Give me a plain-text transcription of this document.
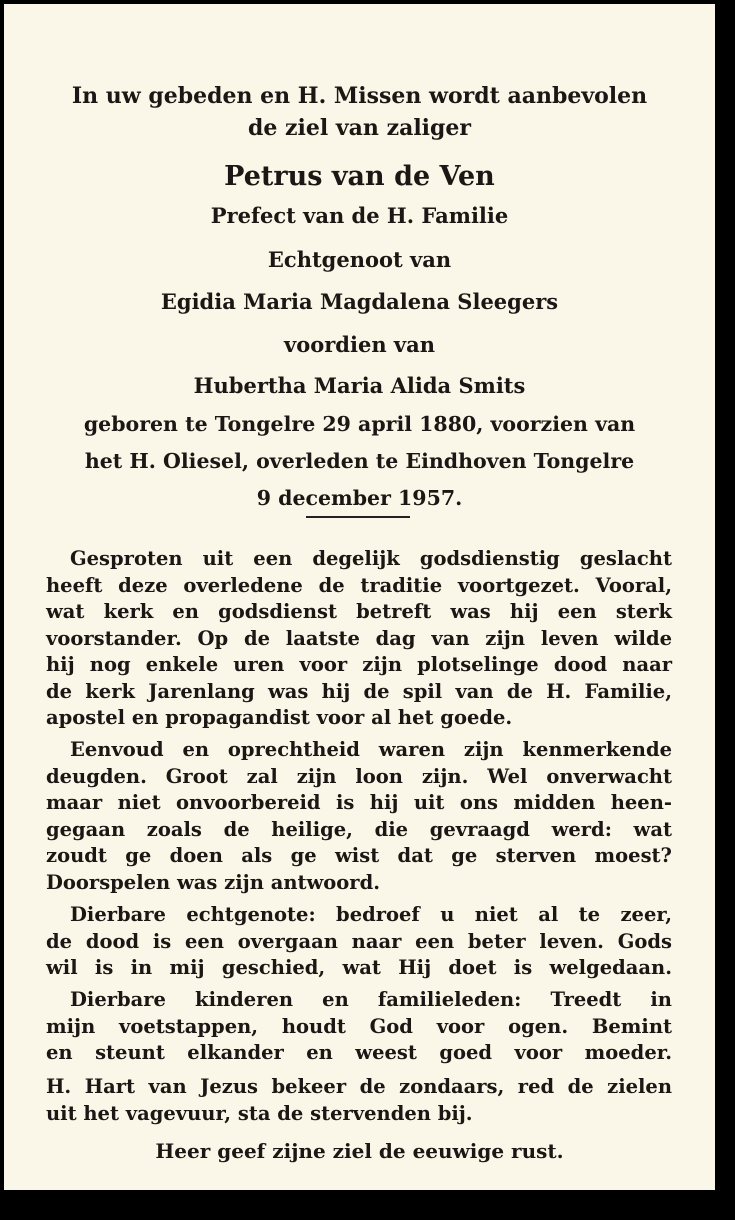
In uw gebeden en H. Missen wordt aanbevolen
de ziel van zaliger
Petrus van de Ven
Prefect van de H. Familie
Echtgenoot van
Egidia Maria Magdalena Sleegers
voordien van
Hubertha Maria Alida Smits
geboren te Tongelre 29 april 1880, voorzien van
het H. Oliesel, overleden te Eindhoven Tongelre
9 december 1957.
Gesproten uit een degelijk godsdienstig geslacht
heeft deze overledene de traditie voortgezet. Vooral,
wat kerk en godsdienst betreft was hij een sterk
voorstander. Op de laatste dag van zijn leven wilde
hij nog enkele uren voor zijn plotselinge dood naar
de kerk Jarenlang was hij de spil van de H. Familie,
apostel en propagandist voor al het goede.
Eenvoud en oprechtheid waren zijn kenmerkende
deugden. Groot zal zijn loon zijn. Wel onverwacht
maar niet onvoorbereid is hij uit ons midden heen-
gegaan zoals de heilige, die gevraagd werd: wat
zoudt ge doen als ge wist dat ge sterven moest?
Doorspelen was zijn antwoord.
Dierbare echtgenote: bedroef u niet al te zeer,
de dood is een overgaan naar een beter leven. Gods
wil is in mij geschied, wat Hij doet is welgedaan.
Dierbare kinderen en familieleden: Treedt in
mijn voetstappen, houdt God voor ogen. Bemint
en steunt elkander en weest goed voor moeder.
H. Hart van Jezus bekeer de zondaars, red de zielen
uit het vagevuur, sta de stervenden bij.
Heer geef zijne ziel de eeuwige rust.
